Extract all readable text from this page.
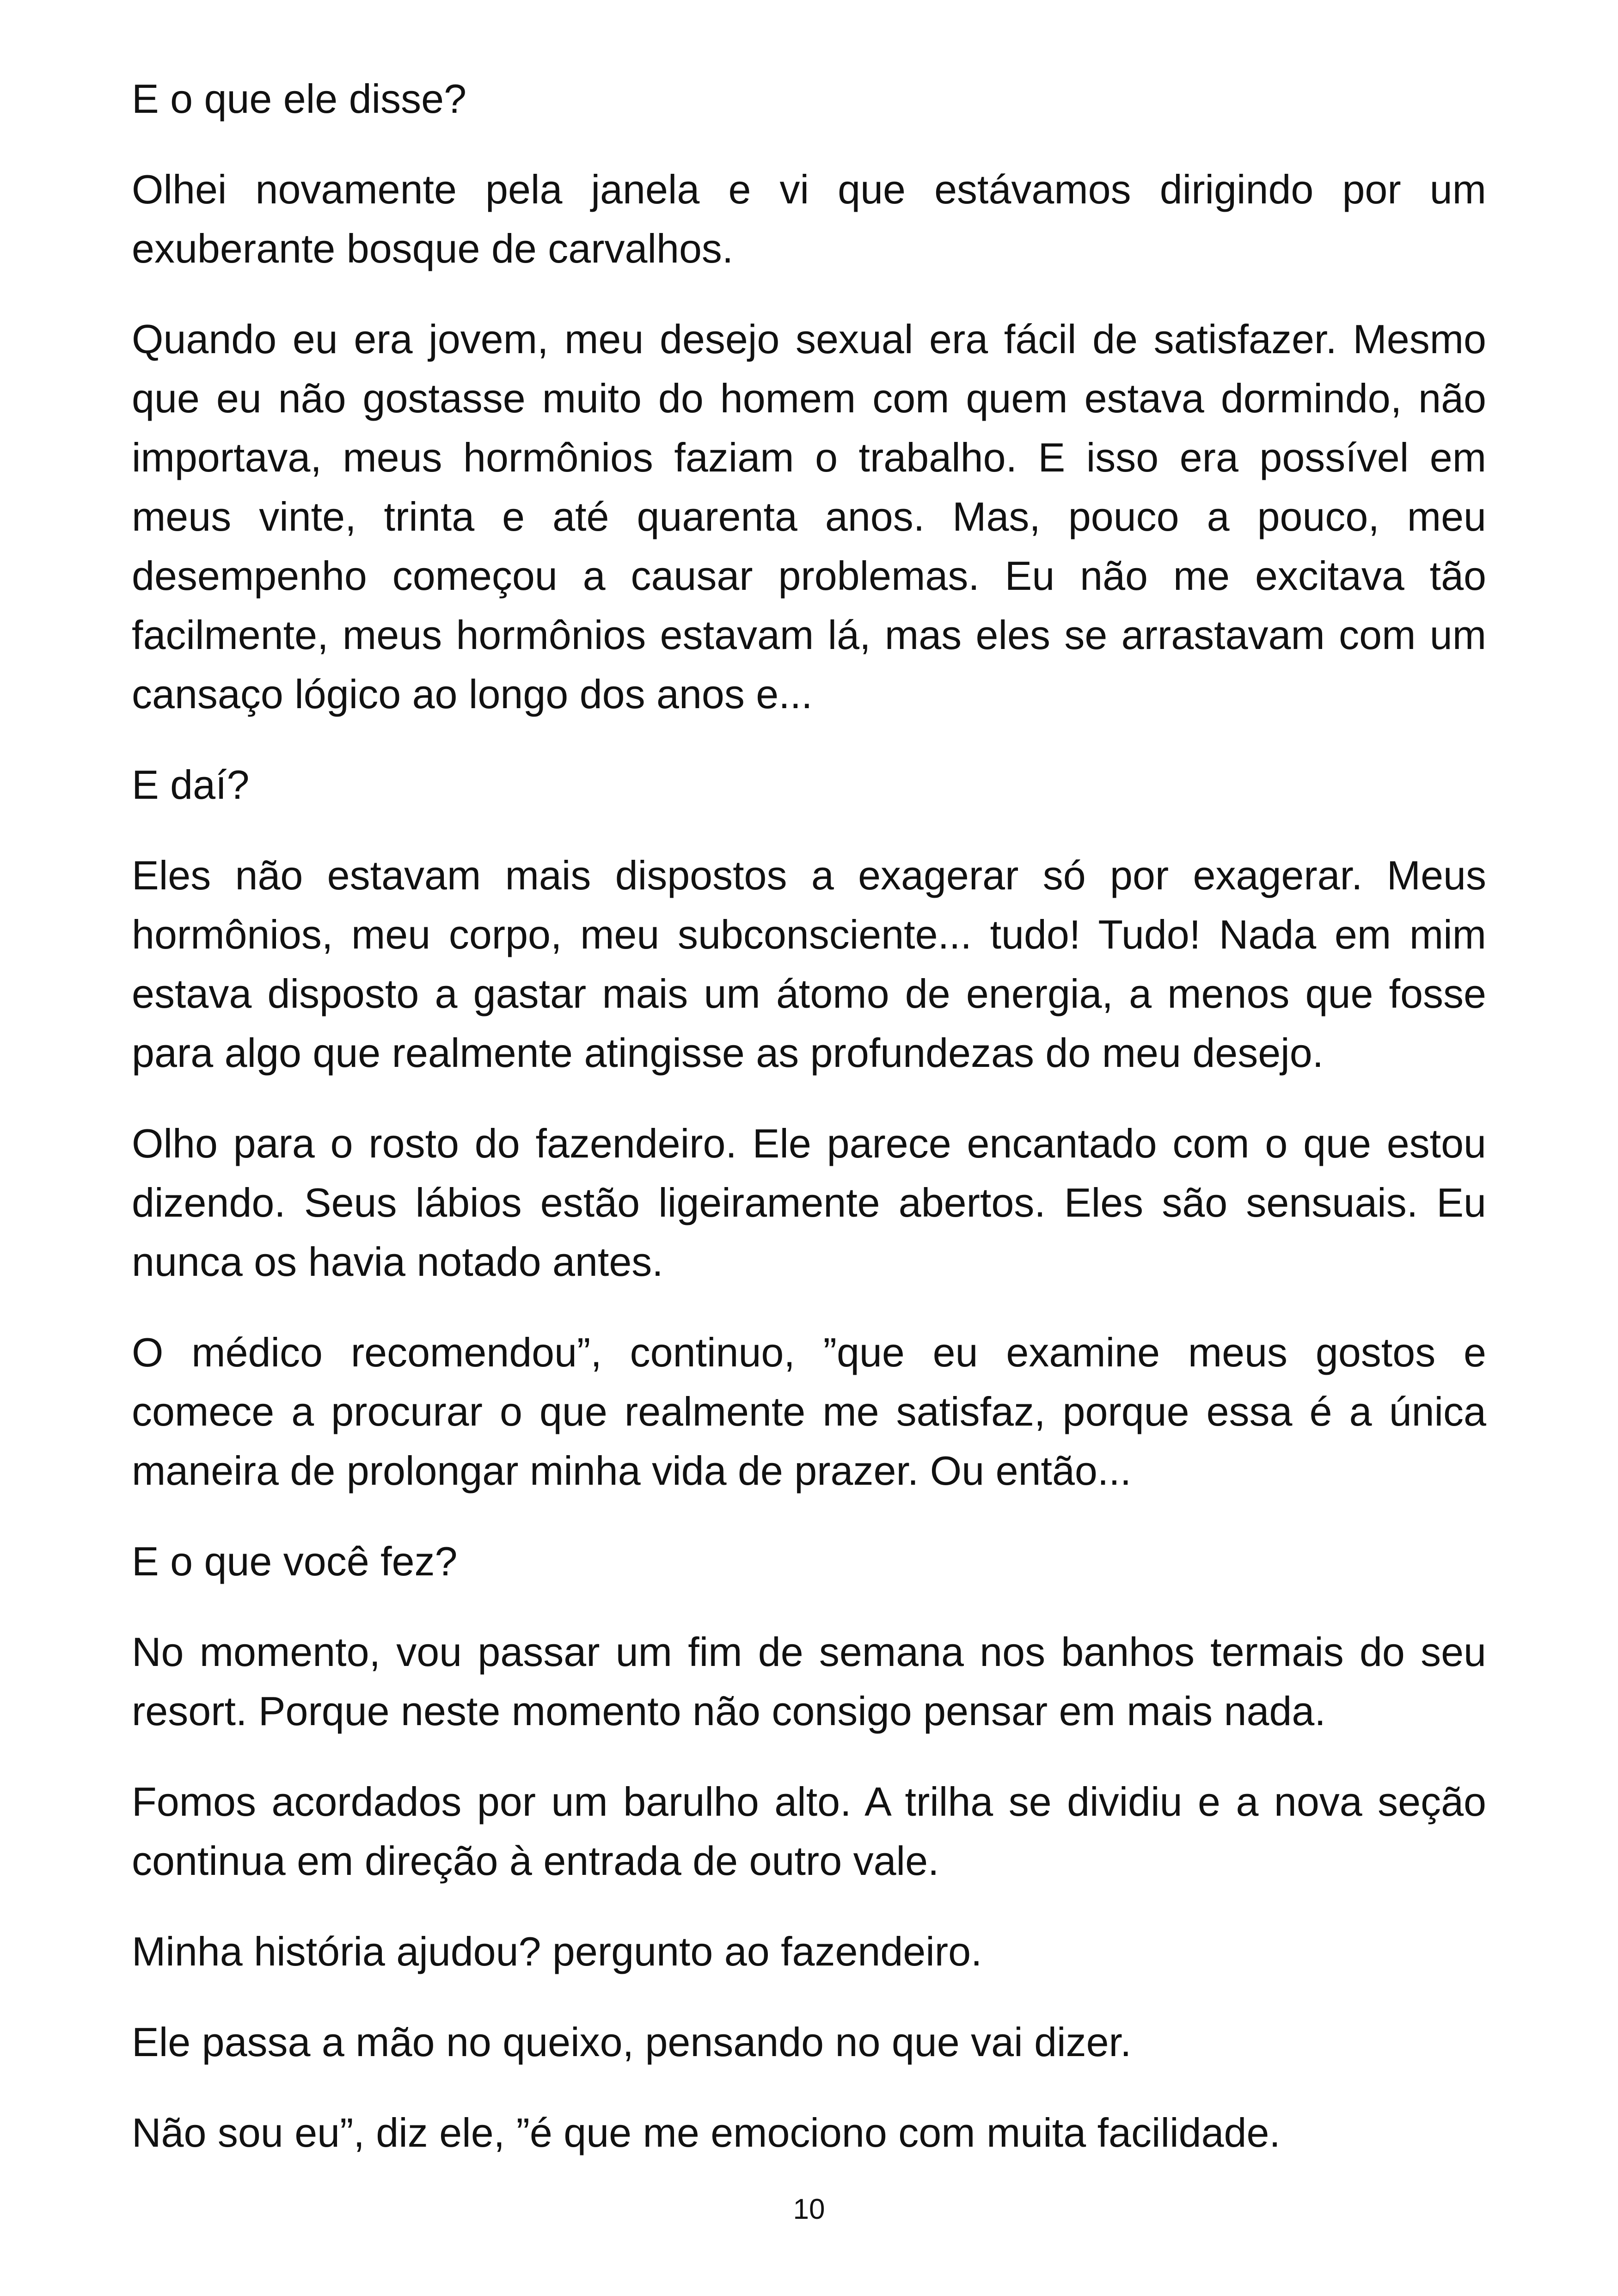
E o que ele disse?

Olhei novamente pela janela e vi que estávamos dirigindo por um exuberante bosque de carvalhos.

Quando eu era jovem, meu desejo sexual era fácil de satisfazer. Mesmo que eu não gostasse muito do homem com quem estava dormindo, não importava, meus hormônios faziam o trabalho. E isso era possível em meus vinte, trinta e até quarenta anos. Mas, pouco a pouco, meu desempenho começou a causar problemas. Eu não me excitava tão facilmente, meus hormônios estavam lá, mas eles se arrastavam com um cansaço lógico ao longo dos anos e...

E daí?

Eles não estavam mais dispostos a exagerar só por exagerar. Meus hormônios, meu corpo, meu subconsciente... tudo! Tudo! Nada em mim estava disposto a gastar mais um átomo de energia, a menos que fosse para algo que realmente atingisse as profundezas do meu desejo.

Olho para o rosto do fazendeiro. Ele parece encantado com o que estou dizendo. Seus lábios estão ligeiramente abertos. Eles são sensuais. Eu nunca os havia notado antes.

O médico recomendou”, continuo, ”que eu examine meus gostos e comece a procurar o que realmente me satisfaz, porque essa é a única maneira de prolongar minha vida de prazer. Ou então...

E o que você fez?

No momento, vou passar um fim de semana nos banhos termais do seu resort. Porque neste momento não consigo pensar em mais nada.

Fomos acordados por um barulho alto. A trilha se dividiu e a nova seção continua em direção à entrada de outro vale.

Minha história ajudou? pergunto ao fazendeiro.

Ele passa a mão no queixo, pensando no que vai dizer.

Não sou eu”, diz ele, ”é que me emociono com muita facilidade.

10
